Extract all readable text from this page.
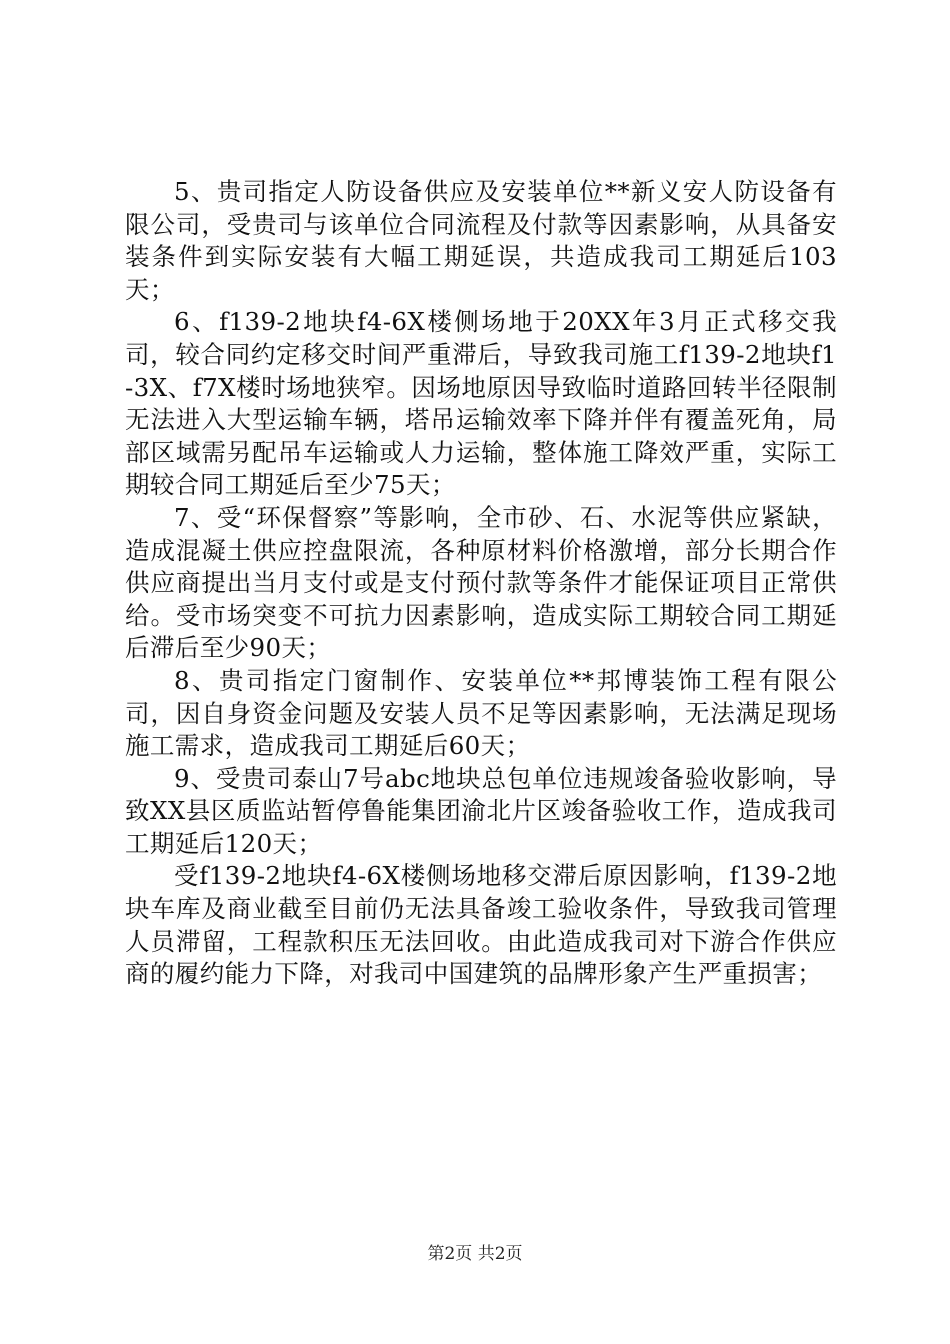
5、贵司指定人防设备供应及安装单位**新义安人防设备有限公司，受贵司与该单位合同流程及付款等因素影响，从具备安装条件到实际安装有大幅工期延误，共造成我司工期延后103天；

6、f139-2地块f4-6X楼侧场地于20XX年3月正式移交我司，较合同约定移交时间严重滞后，导致我司施工f139-2地块f1-3X、f7X楼时场地狭窄。因场地原因导致临时道路回转半径限制无法进入大型运输车辆，塔吊运输效率下降并伴有覆盖死角，局部区域需另配吊车运输或人力运输，整体施工降效严重，实际工期较合同工期延后至少75天；

7、受“环保督察”等影响，全市砂、石、水泥等供应紧缺，造成混凝土供应控盘限流，各种原材料价格激增，部分长期合作供应商提出当月支付或是支付预付款等条件才能保证项目正常供给。受市场突变不可抗力因素影响，造成实际工期较合同工期延后滞后至少90天；

8、贵司指定门窗制作、安装单位**邦博装饰工程有限公司，因自身资金问题及安装人员不足等因素影响，无法满足现场施工需求，造成我司工期延后60天；

9、受贵司泰山7号abc地块总包单位违规竣备验收影响，导致XX县区质监站暂停鲁能集团渝北片区竣备验收工作，造成我司工期延后120天；

受f139-2地块f4-6X楼侧场地移交滞后原因影响，f139-2地块车库及商业截至目前仍无法具备竣工验收条件，导致我司管理人员滞留，工程款积压无法回收。由此造成我司对下游合作供应商的履约能力下降，对我司中国建筑的品牌形象产生严重损害；

第2页 共2页
